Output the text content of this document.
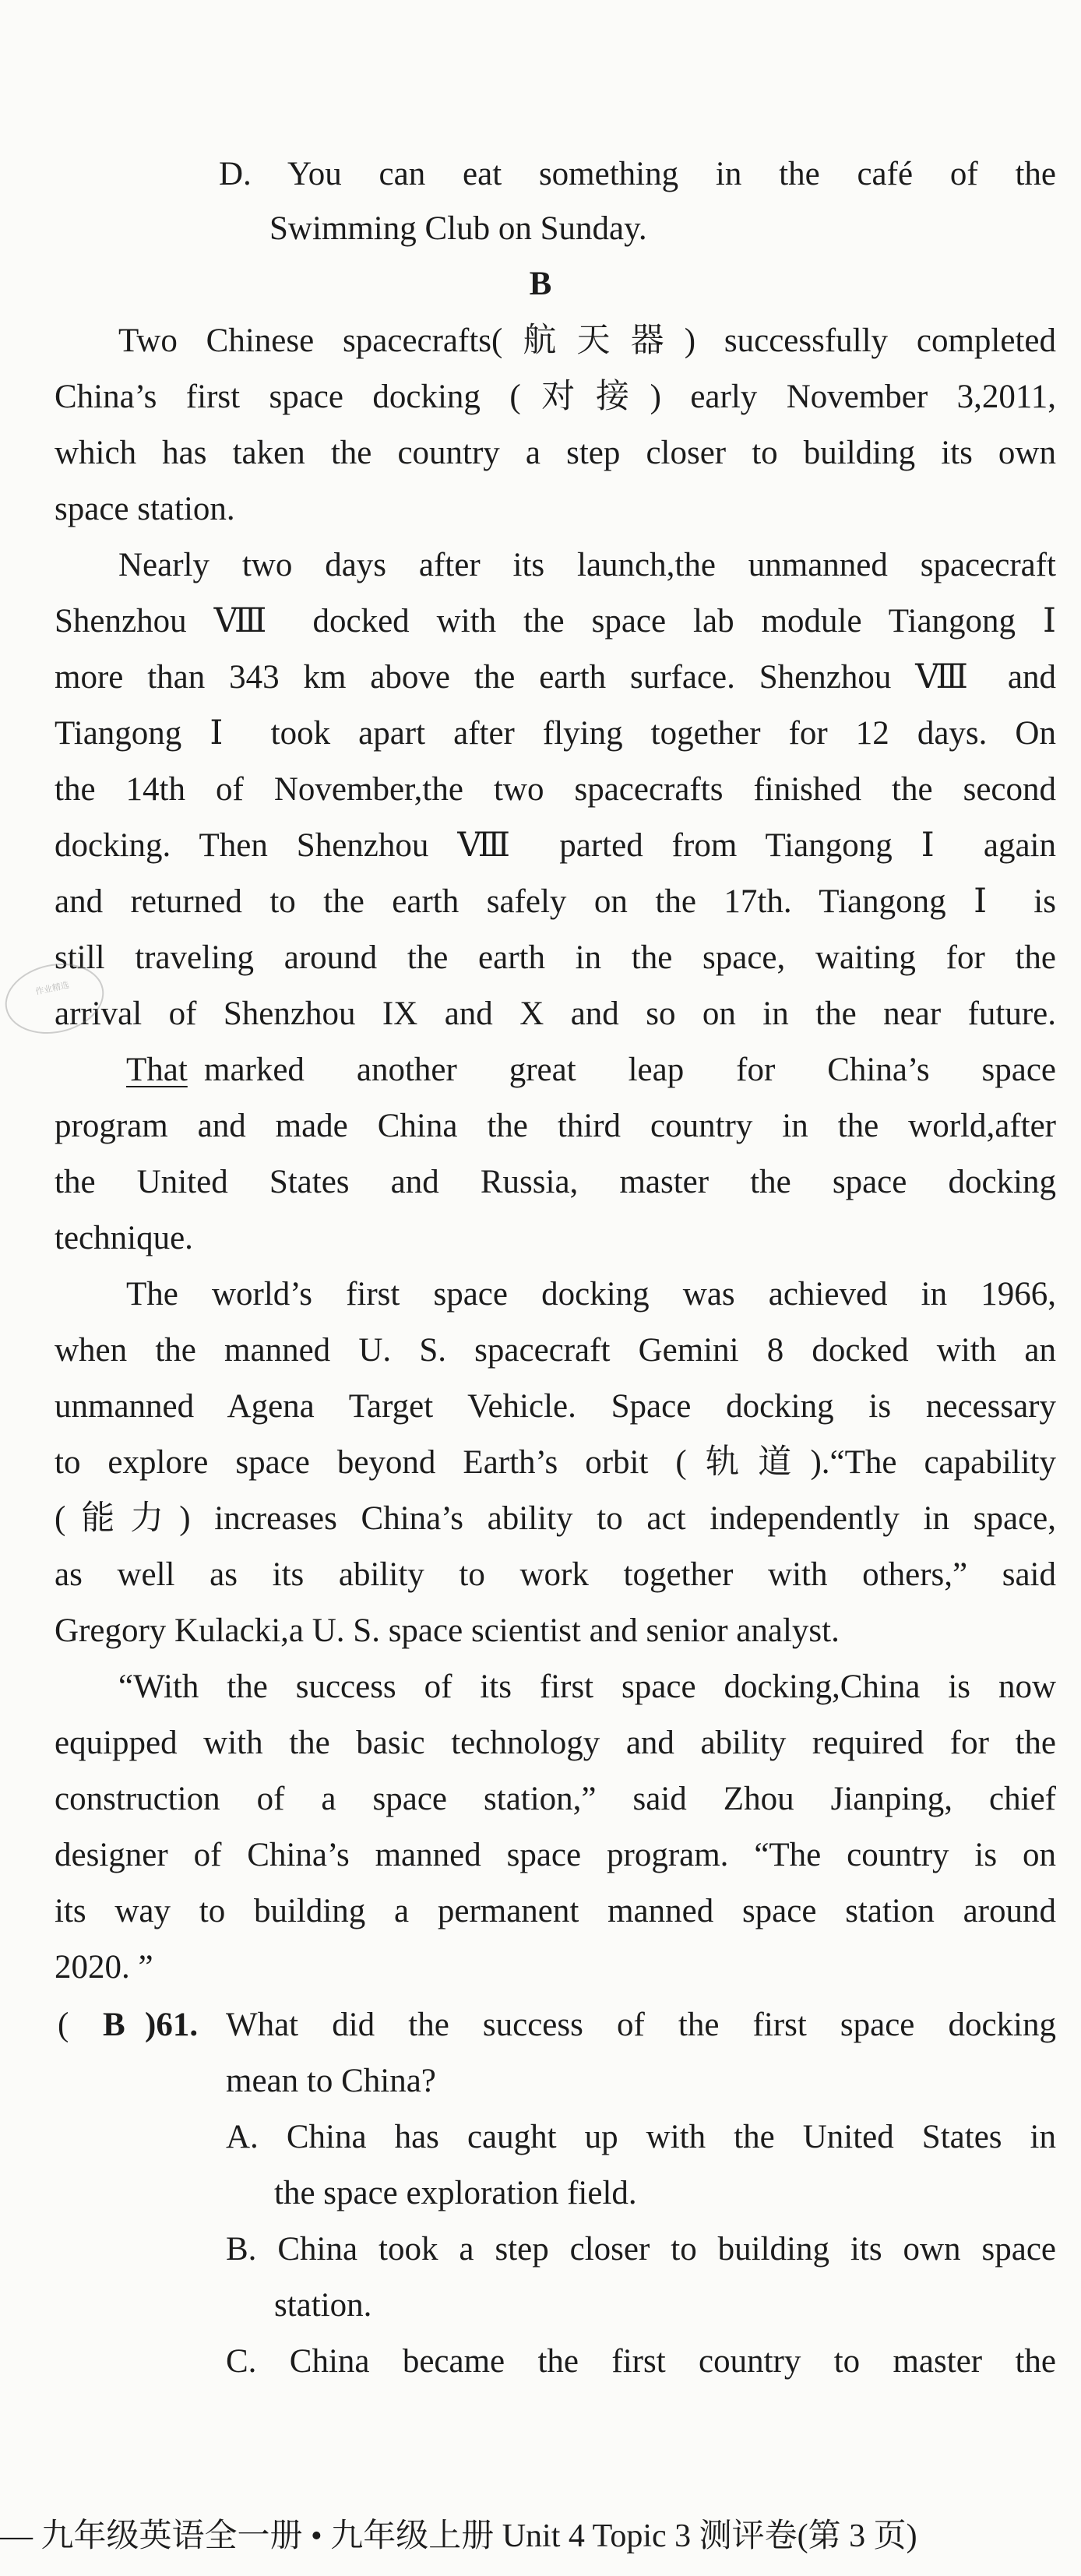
D. You can eat something in the café of the
Swimming Club on Sunday.
B
Two Chinese spacecrafts(航天器) successfully completed
China’s first space docking (对接) early November 3,2011,
which has taken the country a step closer to building its own
space station.
Nearly two days after its launch,the unmanned spacecraft
Shenzhou Ⅷ docked with the space lab module Tiangong Ⅰ
more than 343 km above the earth surface. Shenzhou Ⅷ and
Tiangong Ⅰ took apart after flying together for 12 days. On
the 14th of November,the two spacecrafts finished the second
docking. Then Shenzhou Ⅷ parted from Tiangong Ⅰ again
and returned to the earth safely on the 17th. Tiangong Ⅰ is
still traveling around the earth in the space, waiting for the
arrival of Shenzhou IX and X and so on in the near future.
作业精选
That marked another great leap for China’s space
program and made China the third country in the world,after
the United States and Russia, master the space docking
technique.
The world’s first space docking was achieved in 1966,
when the manned U. S. spacecraft Gemini 8 docked with an
unmanned Agena Target Vehicle. Space docking is necessary
to explore space beyond Earth’s orbit (轨道).“The capability
(能力) increases China’s ability to act independently in space,
as well as its ability to work together with others,” said
Gregory Kulacki,a U. S. space scientist and senior analyst.
“With the success of its first space docking,China is now
equipped with the basic technology and ability required for the
construction of a space station,” said Zhou Jianping, chief
designer of China’s manned space program. “The country is on
its way to building a permanent manned space station around
2020. ”
( B )61. What did the success of the first space docking
mean to China?
A. China has caught up with the United States in
the space exploration field.
B. China took a step closer to building its own space
station.
C. China became the first country to master the
— 九年级英语全一册 • 九年级上册 Unit 4 Topic 3 测评卷(第 3 页)
